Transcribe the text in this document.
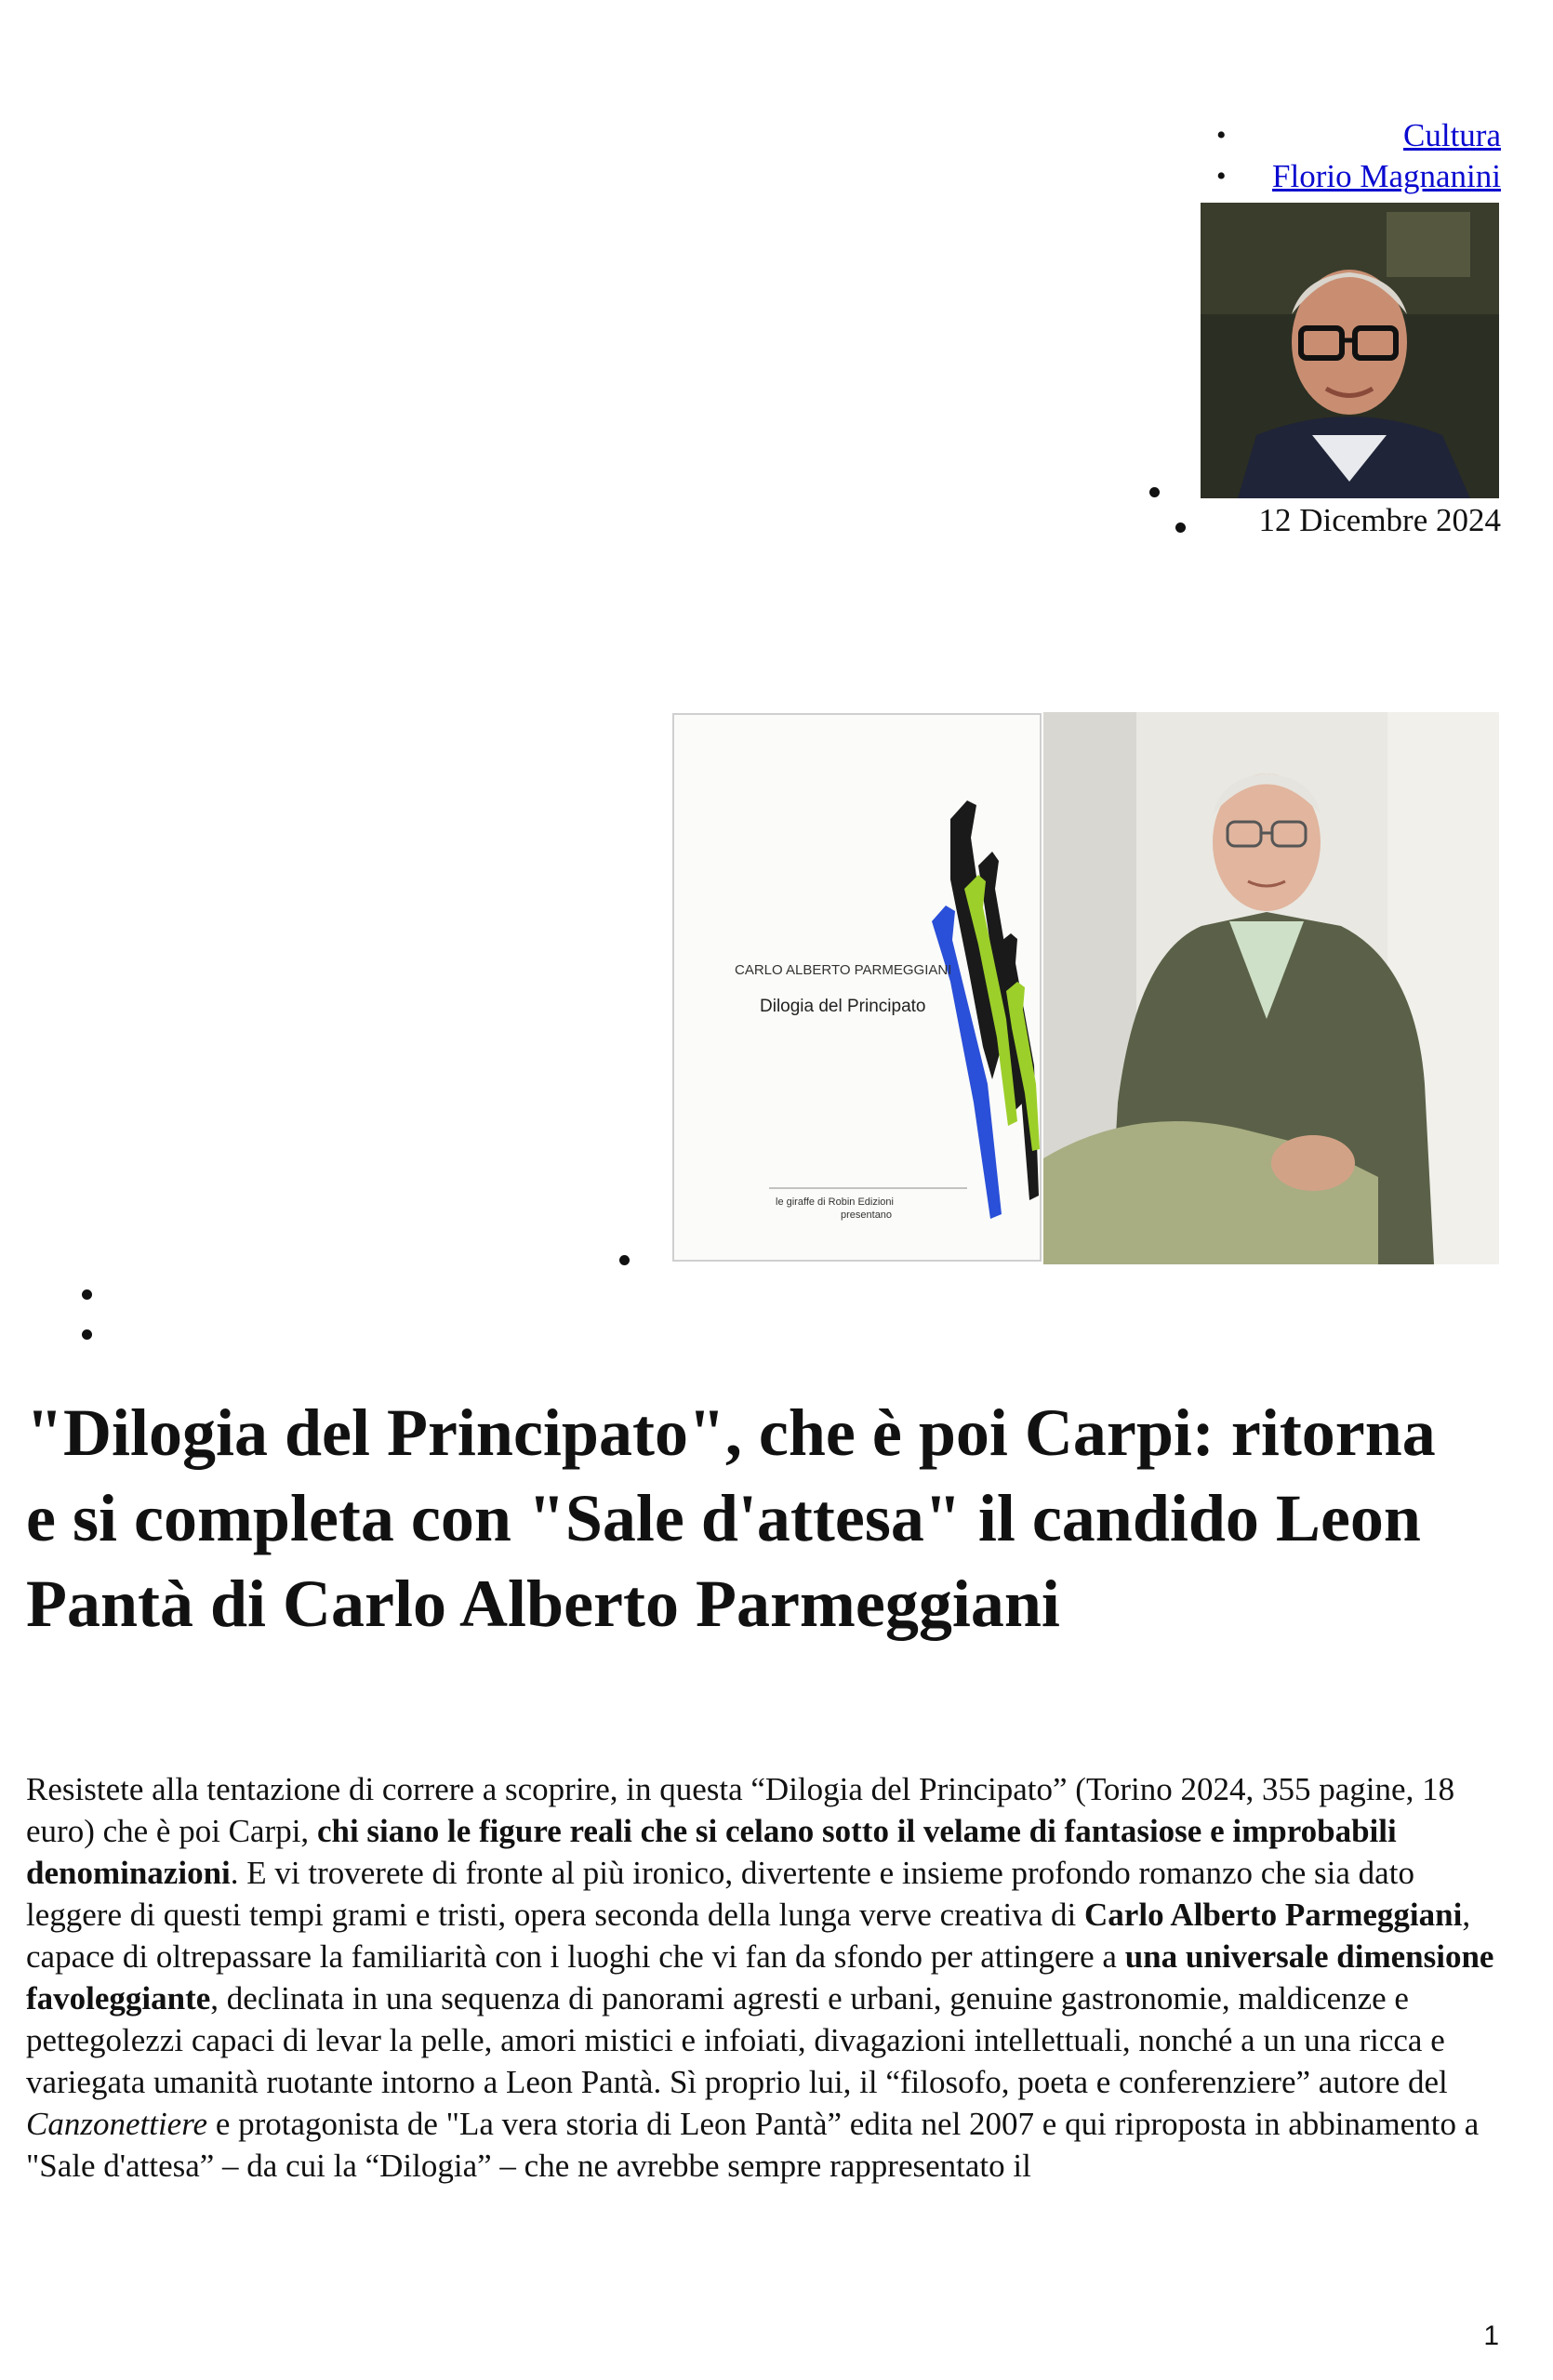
•	Cultura
• Florio Magnanini
12 Dicembre 2024
CARLO ALBERTO PARMEGGIANI
Dilogia del Principato
le giraffe di Robin Edizioni
presentano
"Dilogia del Principato", che è poi Carpi: ritorna e si completa con "Sale d'attesa" il candido Leon Pantà di Carlo Alberto Parmeggiani

Resistete alla tentazione di correre a scoprire, in questa “Dilogia del Principato” (Torino 2024, 355 pagine, 18 euro) che è poi Carpi, chi siano le figure reali che si celano sotto il velame di fantasiose e improbabili denominazioni. E vi troverete di fronte al più ironico, divertente e insieme profondo romanzo che sia dato leggere di questi tempi grami e tristi, opera seconda della lunga verve creativa di Carlo Alberto Parmeggiani, capace di oltrepassare la familiarità con i luoghi che vi fan da sfondo per attingere a una universale dimensione favoleggiante, declinata in una sequenza di panorami agresti e urbani, genuine gastronomie, maldicenze e pettegolezzi capaci di levar la pelle, amori mistici e infoiati, divagazioni intellettuali, nonché a un una ricca e variegata umanità ruotante intorno a Leon Pantà. Sì proprio lui, il “filosofo, poeta e conferenziere” autore del Canzonettiere e protagonista de "La vera storia di Leon Pantà” edita nel 2007 e qui riproposta in abbinamento a "Sale d'attesa” – da cui la “Dilogia” – che ne avrebbe sempre rappresentato il

1
